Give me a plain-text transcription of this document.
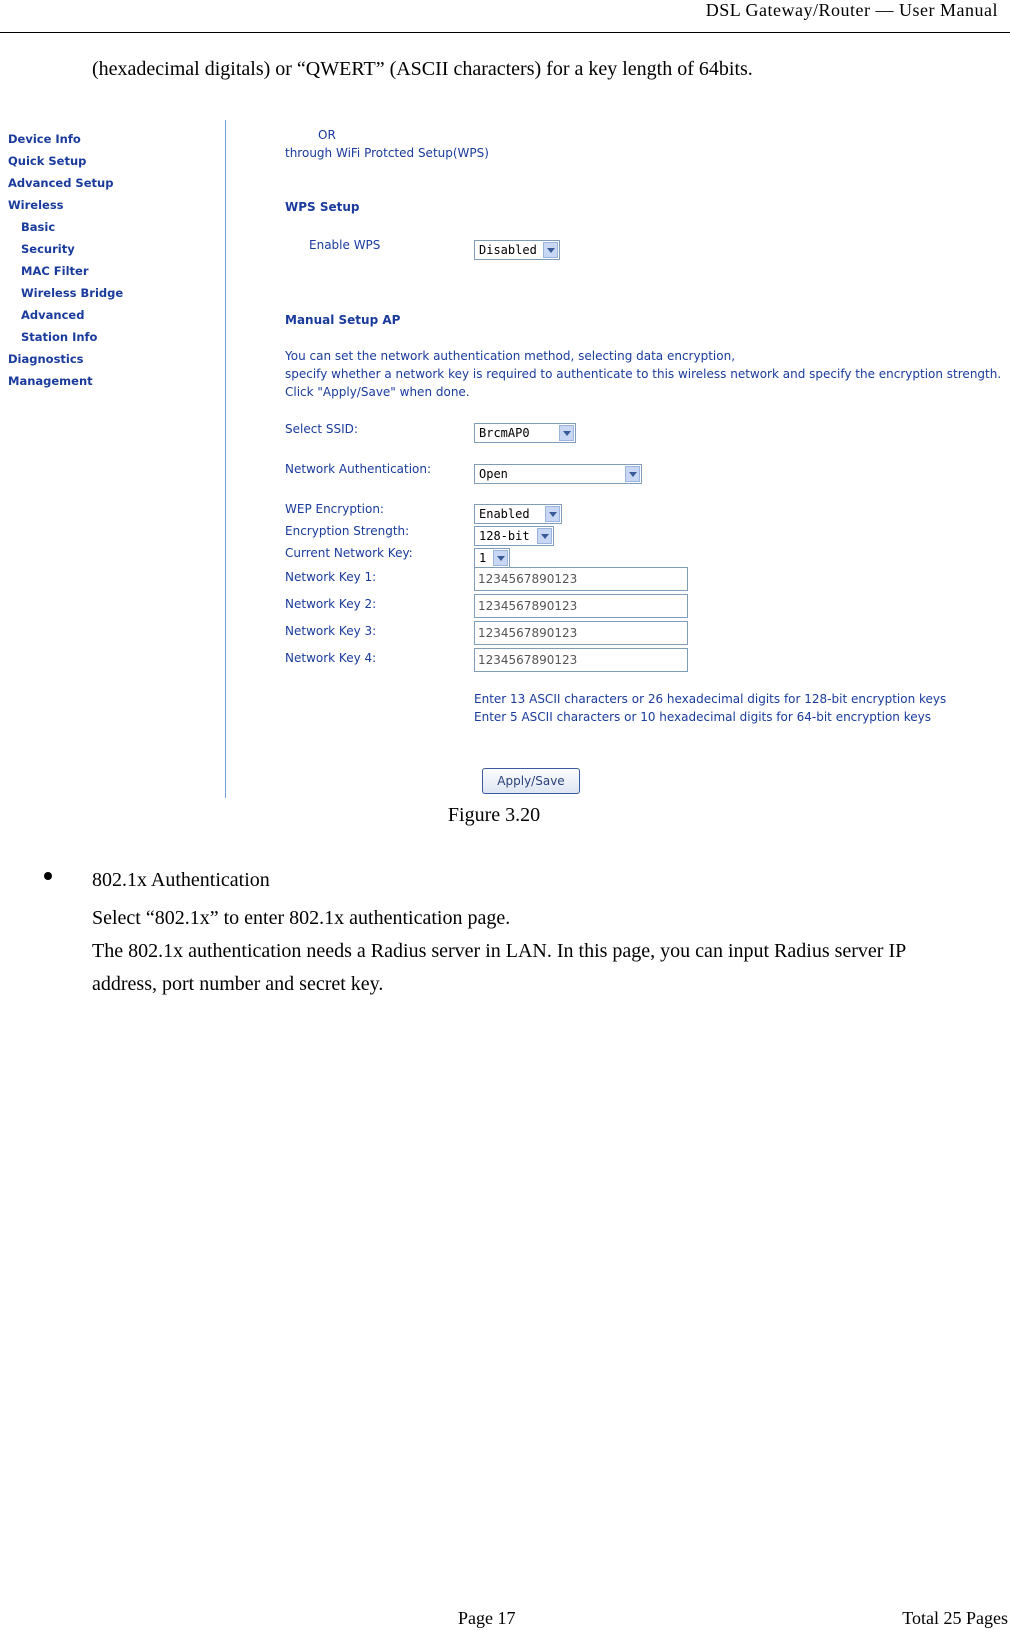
DSL Gateway/Router — User Manual
(hexadecimal digitals) or “QWERT” (ASCII characters) for a key length of 64bits.
Device Info
Quick Setup
Advanced Setup
Wireless
Basic
Security
MAC Filter
Wireless Bridge
Advanced
Station Info
Diagnostics
Management
OR
through WiFi Protcted Setup(WPS)
WPS Setup
Enable WPS	Disabled
Manual Setup AP
You can set the network authentication method, selecting data encryption,
specify whether a network key is required to authenticate to this wireless network and specify the encryption strength.
Click "Apply/Save" when done.
Select SSID:	BrcmAP0
Network Authentication:	Open
WEP Encryption:	Enabled
Encryption Strength:	128-bit
Current Network Key:	1
Network Key 1:	1234567890123
Network Key 2:	1234567890123
Network Key 3:	1234567890123
Network Key 4:	1234567890123
Enter 13 ASCII characters or 26 hexadecimal digits for 128-bit encryption keys
Enter 5 ASCII characters or 10 hexadecimal digits for 64-bit encryption keys
Apply/Save
Figure 3.20
802.1x Authentication
Select “802.1x” to enter 802.1x authentication page.
The 802.1x authentication needs a Radius server in LAN. In this page, you can input Radius server IP
address, port number and secret key.
Page 17	Total 25 Pages
